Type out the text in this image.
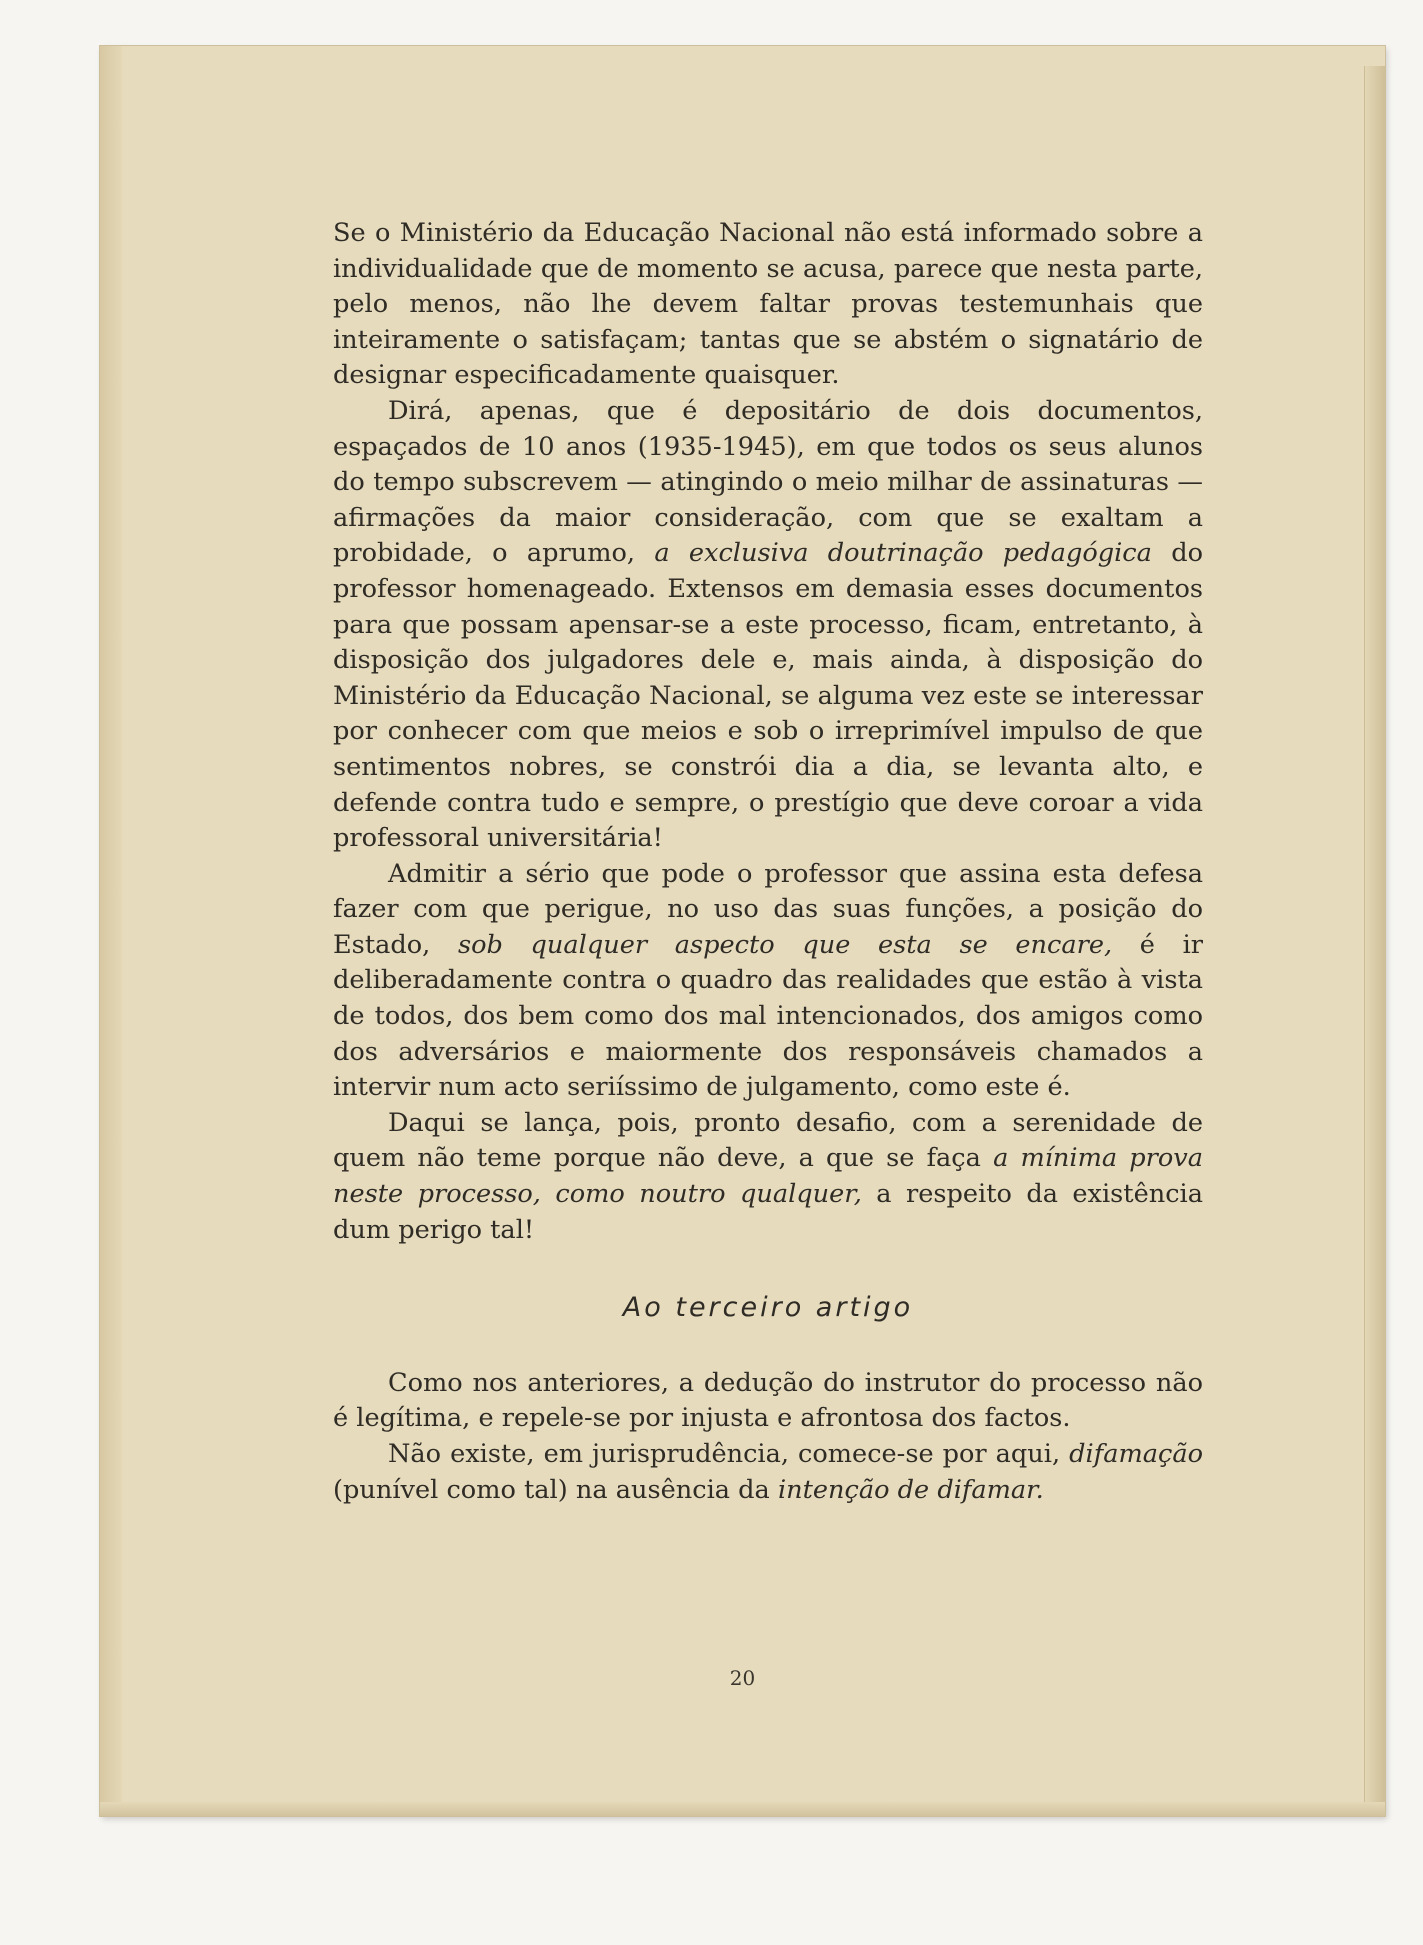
Se o Ministério da Educação Nacional não está informado sobre a individualidade que de momento se acusa, parece que nesta parte, pelo menos, não lhe devem faltar provas testemunhais que inteiramente o satisfaçam; tantas que se abstém o signatário de designar especificadamente quaisquer.

Dirá, apenas, que é depositário de dois documentos, espaçados de 10 anos (1935-1945), em que todos os seus alunos do tempo subscrevem — atingindo o meio milhar de assinaturas — afirmações da maior consideração, com que se exaltam a probidade, o aprumo, a exclusiva doutrinação pedagógica do professor homenageado. Extensos em demasia esses documentos para que possam apensar-se a este processo, ficam, entretanto, à disposição dos julgadores dele e, mais ainda, à disposição do Ministério da Educação Nacional, se alguma vez este se interessar por conhecer com que meios e sob o irreprimível impulso de que sentimentos nobres, se constrói dia a dia, se levanta alto, e defende contra tudo e sempre, o prestígio que deve coroar a vida professoral universitária!

Admitir a sério que pode o professor que assina esta defesa fazer com que perigue, no uso das suas funções, a posição do Estado, sob qualquer aspecto que esta se encare, é ir deliberadamente contra o quadro das realidades que estão à vista de todos, dos bem como dos mal intencionados, dos amigos como dos adversários e maiormente dos responsáveis chamados a intervir num acto seriíssimo de julgamento, como este é.

Daqui se lança, pois, pronto desafio, com a serenidade de quem não teme porque não deve, a que se faça a mínima prova neste processo, como noutro qualquer, a respeito da existência dum perigo tal!

Ao terceiro artigo

Como nos anteriores, a dedução do instrutor do processo não é legítima, e repele-se por injusta e afrontosa dos factos.

Não existe, em jurisprudência, comece-se por aqui, difamação (punível como tal) na ausência da intenção de difamar.

20
